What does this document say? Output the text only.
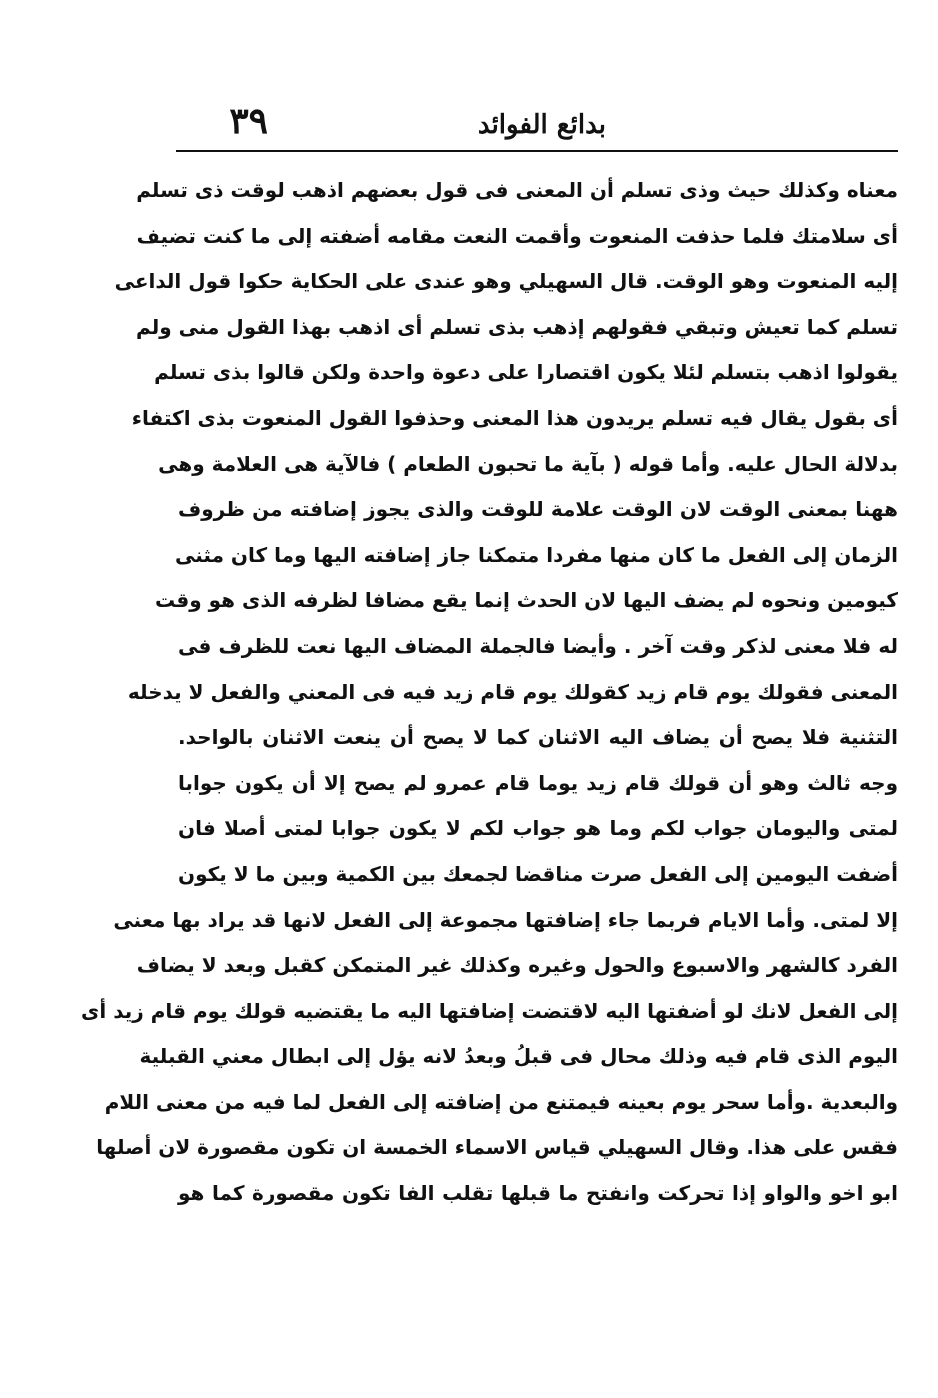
٣٩	بدائع الفوائد
معناه وكذلك حيث وذى تسلم أن المعنى فى قول بعضهم اذهب لوقت ذى تسلم
أى سلامتك فلما حذفت المنعوت وأقمت النعت مقامه أضفته إلى ما كنت تضيف
إليه المنعوت وهو الوقت. قال السهيلي وهو عندى على الحكاية حكوا قول الداعى
تسلم كما تعيش وتبقي فقولهم إذهب بذى تسلم أى اذهب بهذا القول منى ولم
يقولوا اذهب بتسلم لئلا يكون اقتصارا على دعوة واحدة ولكن قالوا بذى تسلم
أى بقول يقال فيه تسلم يريدون هذا المعنى وحذفوا القول المنعوت بذى اكتفاء
بدلالة الحال عليه. وأما قوله ( بآية ما تحبون الطعام ) فالآية هى العلامة وهى
ههنا بمعنى الوقت لان الوقت علامة للوقت والذى يجوز إضافته من ظروف
الزمان إلى الفعل ما كان منها مفردا متمكنا جاز إضافته اليها وما كان مثنى
كيومين ونحوه لم يضف اليها لان الحدث إنما يقع مضافا لظرفه الذى هو وقت
له فلا معنى لذكر وقت آخر . وأيضا فالجملة المضاف اليها نعت للظرف فى
المعنى فقولك يوم قام زيد كقولك يوم قام زيد فيه فى المعني والفعل لا يدخله
التثنية فلا يصح أن يضاف اليه الاثنان كما لا يصح أن ينعت الاثنان بالواحد.
وجه ثالث وهو أن قولك قام زيد يوما قام عمرو لم يصح إلا أن يكون جوابا
لمتى واليومان جواب لكم وما هو جواب لكم لا يكون جوابا لمتى أصلا فان
أضفت اليومين إلى الفعل صرت مناقضا لجمعك بين الكمية وبين ما لا يكون
إلا لمتى. وأما الايام فربما جاء إضافتها مجموعة إلى الفعل لانها قد يراد بها معنى
الفرد كالشهر والاسبوع والحول وغيره وكذلك غير المتمكن كقبل وبعد لا يضاف
إلى الفعل لانك لو أضفتها اليه لاقتضت إضافتها اليه ما يقتضيه قولك يوم قام زيد أى
اليوم الذى قام فيه وذلك محال فى قبلُ وبعدُ لانه يؤل إلى ابطال معني القبلية
والبعدية .وأما سحر يوم بعينه فيمتنع من إضافته إلى الفعل لما فيه من معنى اللام
فقس على هذا. وقال السهيلي قياس الاسماء الخمسة ان تكون مقصورة لان أصلها
ابو اخو والواو إذا تحركت وانفتح ما قبلها تقلب الفا تكون مقصورة كما هو
